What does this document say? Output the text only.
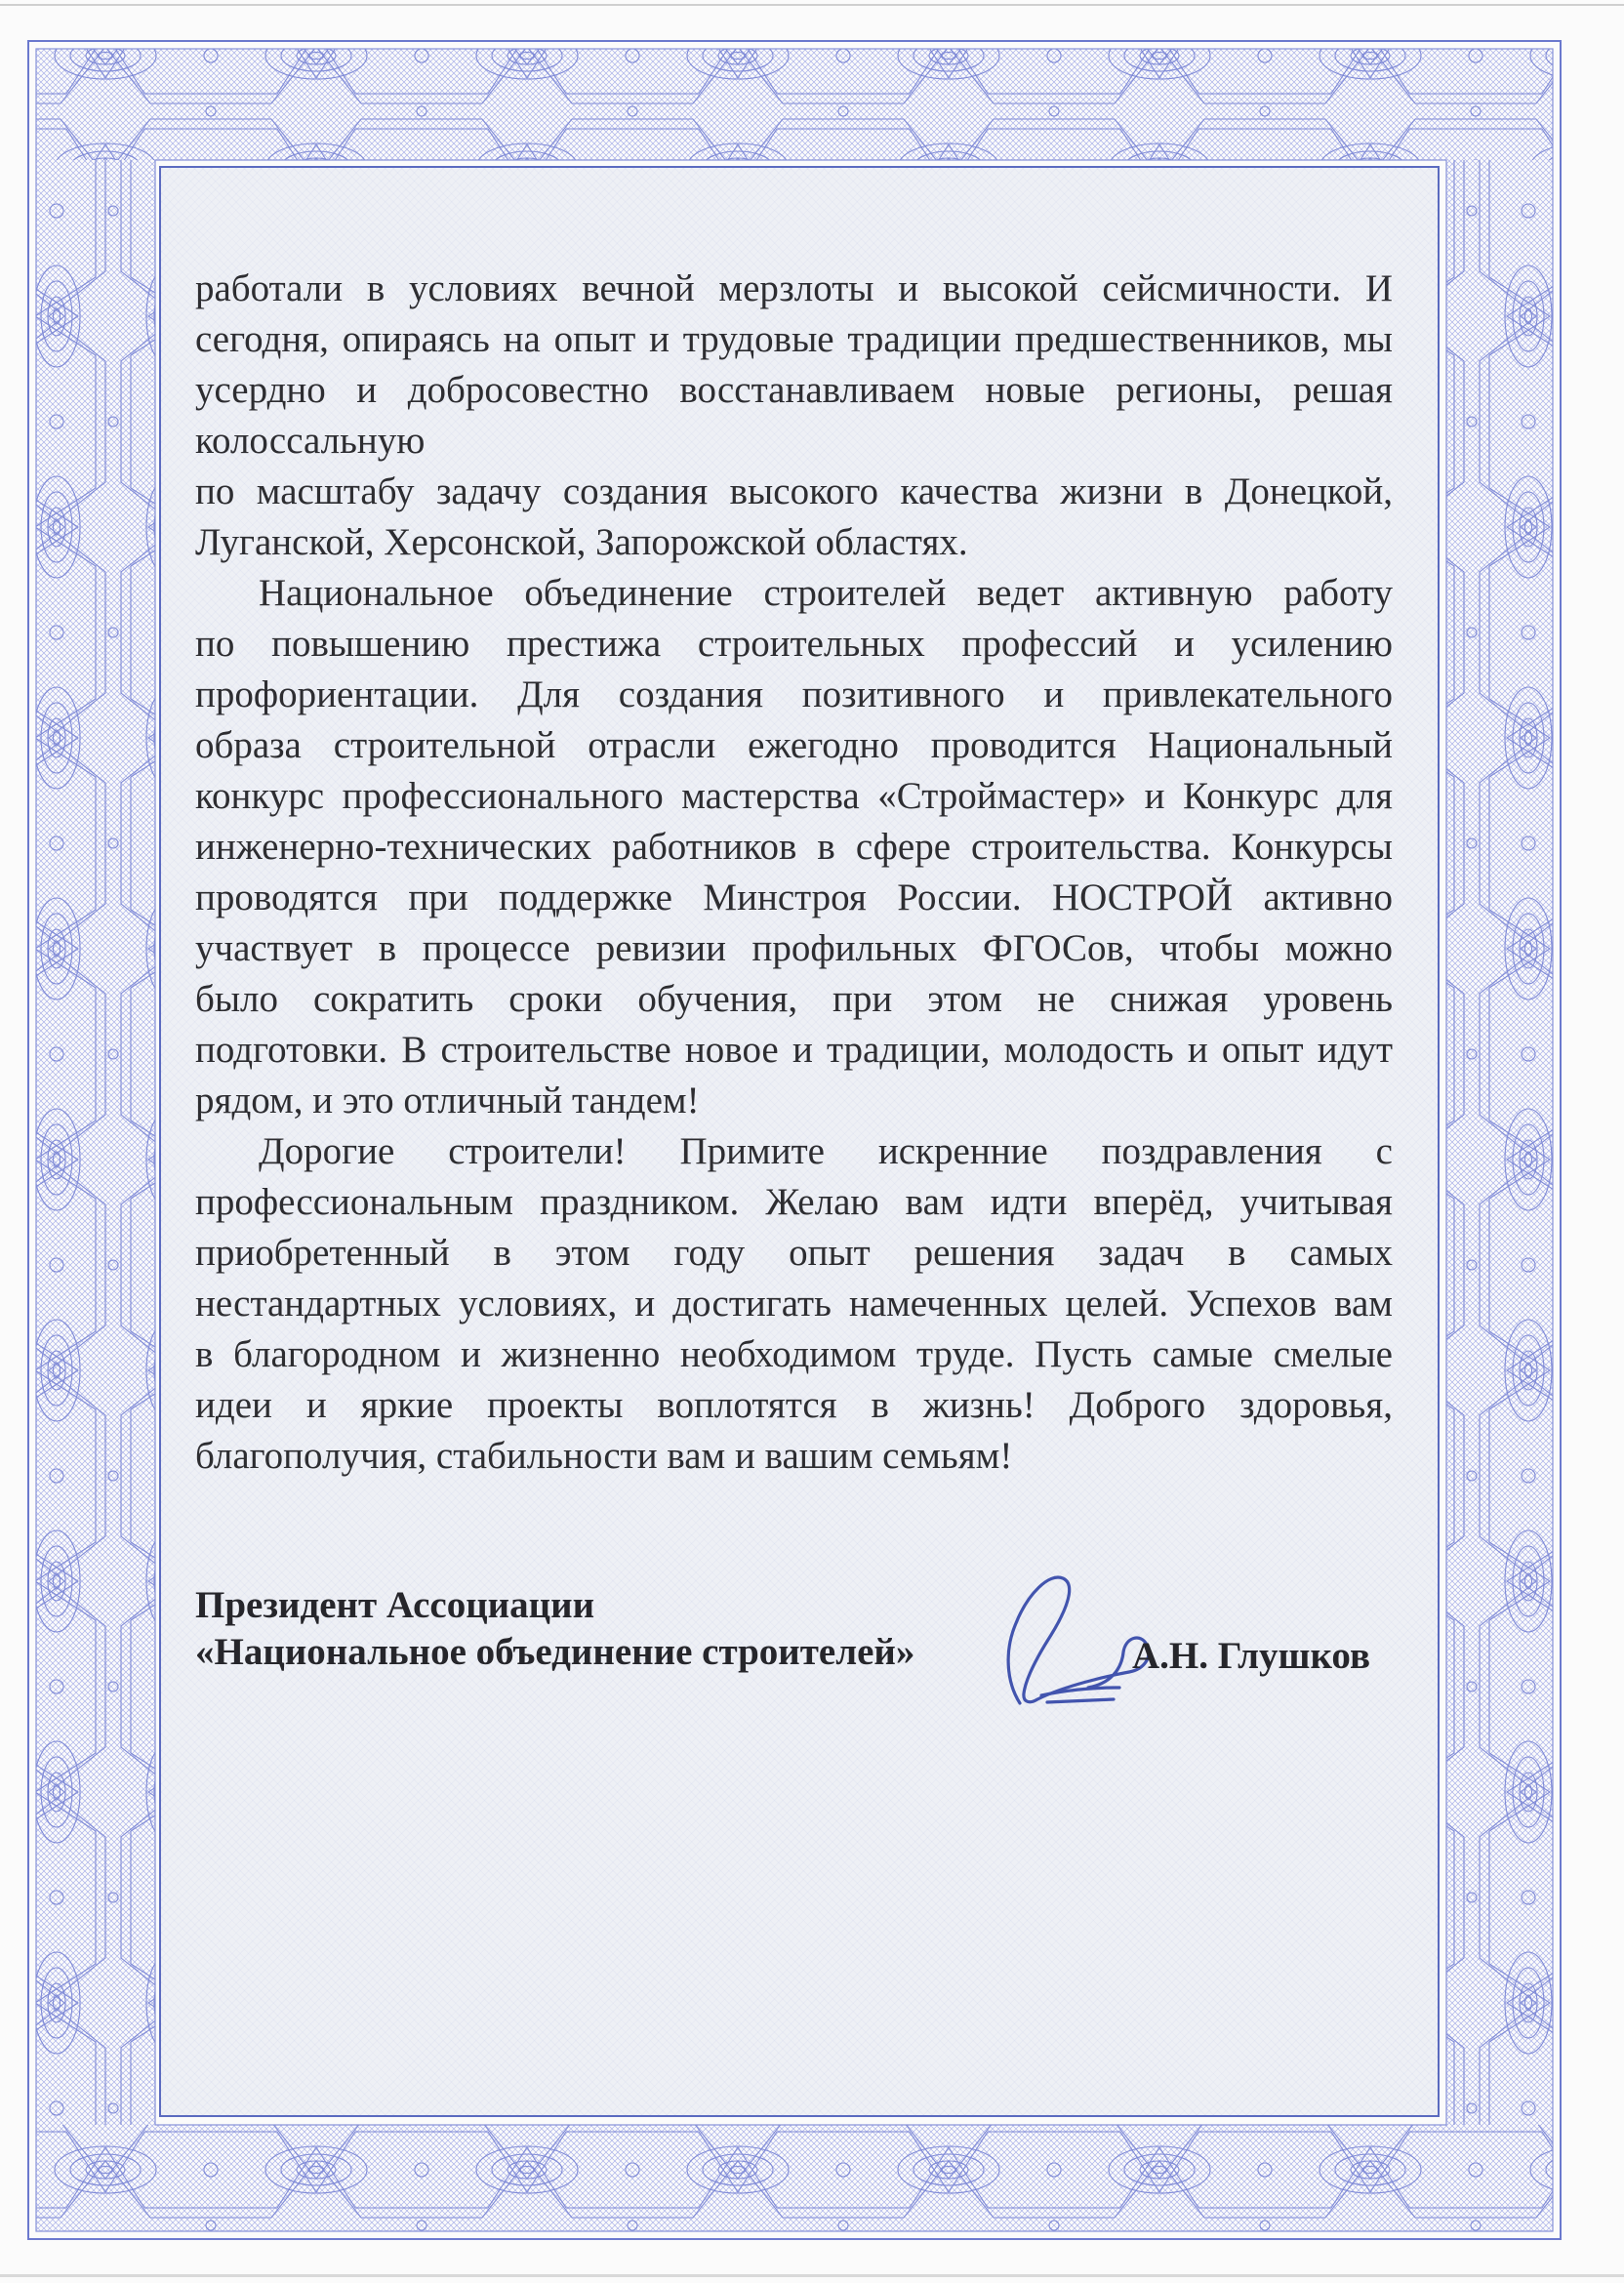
работали в условиях вечной мерзлоты и высокой сейсмичности. И
сегодня, опираясь на опыт и трудовые традиции предшественников, мы
усердно и добросовестно восстанавливаем новые регионы, решая
колоссальную
по масштабу задачу создания высокого качества жизни в Донецкой,
Луганской, Херсонской, Запорожской областях.
Национальное объединение строителей ведет активную работу
по повышению престижа строительных профессий и усилению
профориентации. Для создания позитивного и привлекательного
образа строительной отрасли ежегодно проводится Национальный
конкурс профессионального мастерства «Строймастер» и Конкурс для
инженерно-технических работников в сфере строительства. Конкурсы
проводятся при поддержке Минстроя России. НОСТРОЙ активно
участвует в процессе ревизии профильных ФГОСов, чтобы можно
было сократить сроки обучения, при этом не снижая уровень
подготовки. В строительстве новое и традиции, молодость и опыт идут
рядом, и это отличный тандем!
Дорогие строители! Примите искренние поздравления с
профессиональным праздником. Желаю вам идти вперёд, учитывая
приобретенный в этом году опыт решения задач в самых
нестандартных условиях, и достигать намеченных целей. Успехов вам
в благородном и жизненно необходимом труде. Пусть самые смелые
идеи и яркие проекты воплотятся в жизнь! Доброго здоровья,
благополучия, стабильности вам и вашим семьям!
Президент Ассоциации
«Национальное объединение строителей»	А.Н. Глушков
